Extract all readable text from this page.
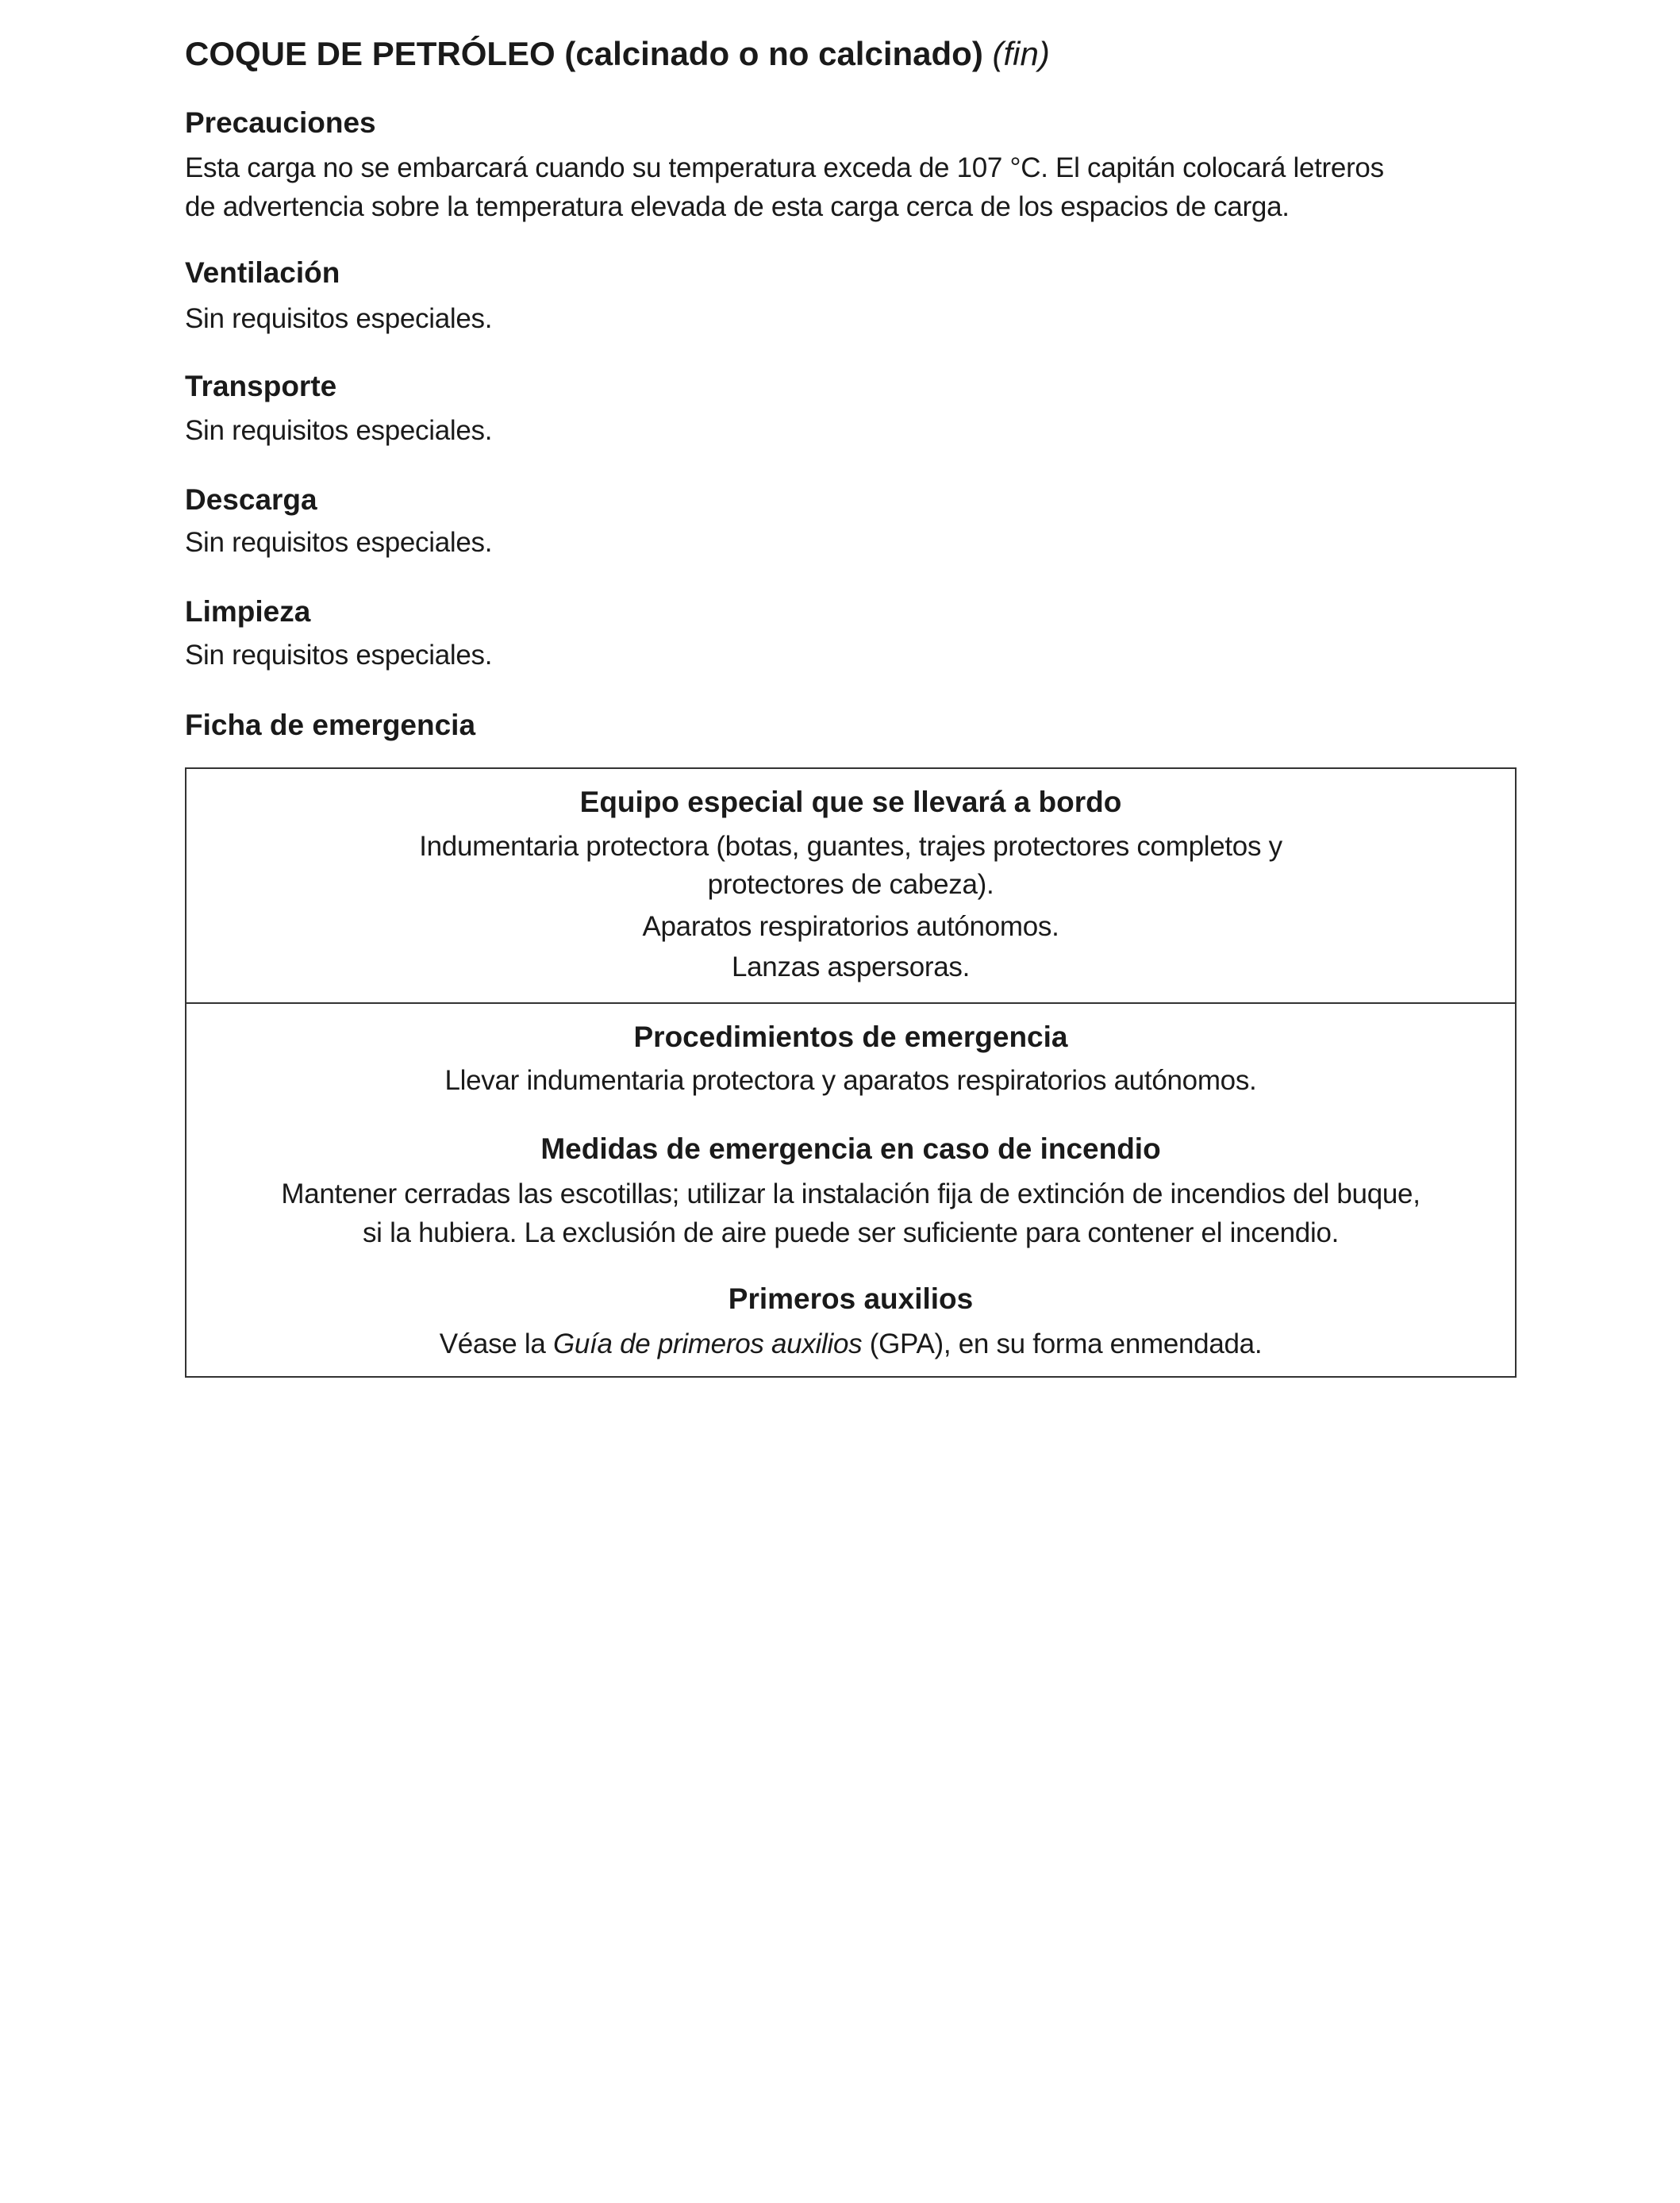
COQUE DE PETRÓLEO (calcinado o no calcinado) (fin)
Precauciones
Esta carga no se embarcará cuando su temperatura exceda de 107 °C. El capitán colocará letreros
de advertencia sobre la temperatura elevada de esta carga cerca de los espacios de carga.
Ventilación
Sin requisitos especiales.
Transporte
Sin requisitos especiales.
Descarga
Sin requisitos especiales.
Limpieza
Sin requisitos especiales.
Ficha de emergencia
Equipo especial que se llevará a bordo
Indumentaria protectora (botas, guantes, trajes protectores completos y
protectores de cabeza).
Aparatos respiratorios autónomos.
Lanzas aspersoras.
Procedimientos de emergencia
Llevar indumentaria protectora y aparatos respiratorios autónomos.
Medidas de emergencia en caso de incendio
Mantener cerradas las escotillas; utilizar la instalación fija de extinción de incendios del buque,
si la hubiera. La exclusión de aire puede ser suficiente para contener el incendio.
Primeros auxilios
Véase la Guía de primeros auxilios (GPA), en su forma enmendada.
